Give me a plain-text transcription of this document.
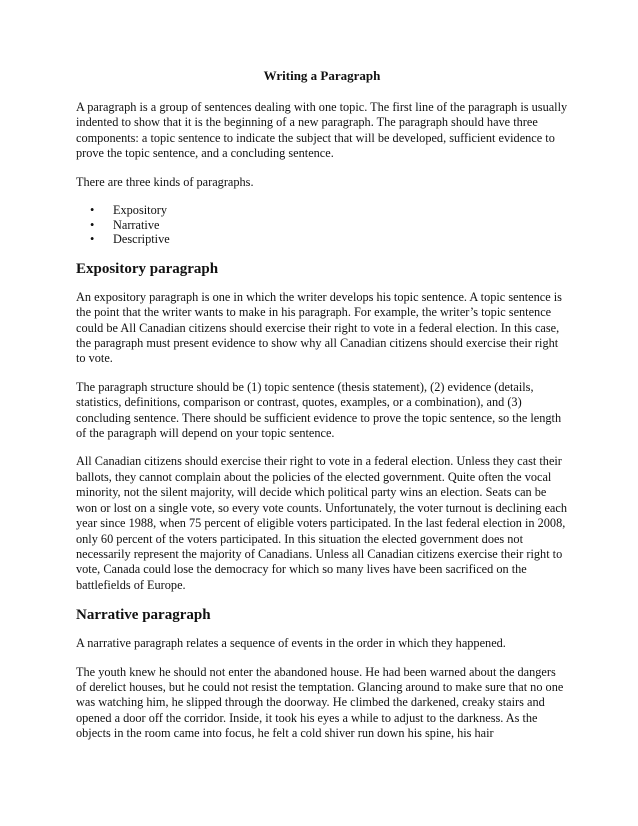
Writing a Paragraph

A paragraph is a group of sentences dealing with one topic. The first line of the paragraph is usually indented to show that it is the beginning of a new paragraph. The paragraph should have three components: a topic sentence to indicate the subject that will be developed, sufficient evidence to prove the topic sentence, and a concluding sentence.

There are three kinds of paragraphs.

• Expository
• Narrative
• Descriptive
Expository paragraph

An expository paragraph is one in which the writer develops his topic sentence. A topic sentence is the point that the writer wants to make in his paragraph. For example, the writer’s topic sentence could be All Canadian citizens should exercise their right to vote in a federal election. In this case, the paragraph must present evidence to show why all Canadian citizens should exercise their right to vote.

The paragraph structure should be (1) topic sentence (thesis statement), (2) evidence (details, statistics, definitions, comparison or contrast, quotes, examples, or a combination), and (3) concluding sentence. There should be sufficient evidence to prove the topic sentence, so the length of the paragraph will depend on your topic sentence.

All Canadian citizens should exercise their right to vote in a federal election. Unless they cast their ballots, they cannot complain about the policies of the elected government. Quite often the vocal minority, not the silent majority, will decide which political party wins an election. Seats can be won or lost on a single vote, so every vote counts. Unfortunately, the voter turnout is declining each year since 1988, when 75 percent of eligible voters participated. In the last federal election in 2008, only 60 percent of the voters participated. In this situation the elected government does not necessarily represent the majority of Canadians. Unless all Canadian citizens exercise their right to vote, Canada could lose the democracy for which so many lives have been sacrificed on the battlefields of Europe.

Narrative paragraph

A narrative paragraph relates a sequence of events in the order in which they happened.

The youth knew he should not enter the abandoned house. He had been warned about the dangers of derelict houses, but he could not resist the temptation. Glancing around to make sure that no one was watching him, he slipped through the doorway. He climbed the darkened, creaky stairs and opened a door off the corridor. Inside, it took his eyes a while to adjust to the darkness. As the objects in the room came into focus, he felt a cold shiver run down his spine, his hair
